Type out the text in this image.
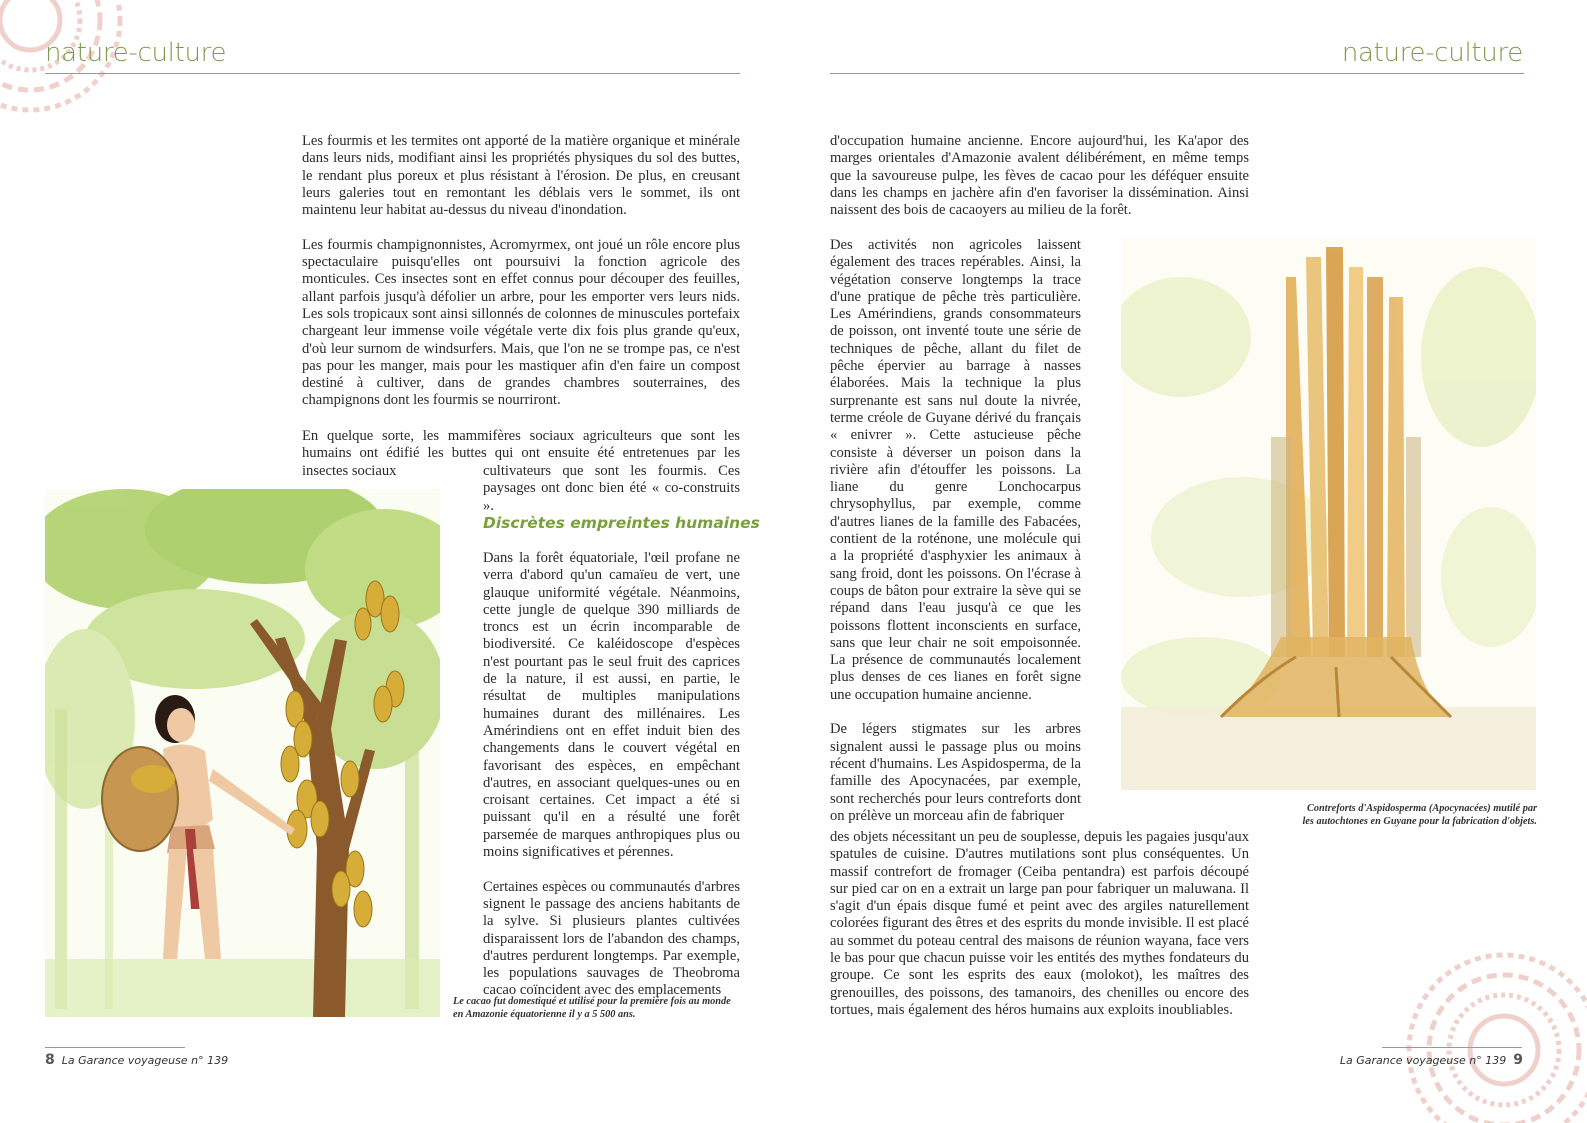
nature-culture

Les fourmis et les termites ont apporté de la matière organique et minérale dans leurs nids, modifiant ainsi les propriétés physiques du sol des buttes, le rendant plus poreux et plus résistant à l'érosion. De plus, en creusant leurs galeries tout en remontant les déblais vers le sommet, ils ont maintenu leur habitat au-dessus du niveau d'inondation.

Les fourmis champignonnistes, Acromyrmex, ont joué un rôle encore plus spectaculaire puisqu'elles ont poursuivi la fonction agricole des monticules. Ces insectes sont en effet connus pour découper des feuilles, allant parfois jusqu'à défolier un arbre, pour les emporter vers leurs nids. Les sols tropicaux sont ainsi sillonnés de colonnes de minuscules portefaix chargeant leur immense voile végétale verte dix fois plus grande qu'eux, d'où leur surnom de windsurfers. Mais, que l'on ne se trompe pas, ce n'est pas pour les manger, mais pour les mastiquer afin d'en faire un compost destiné à cultiver, dans de grandes chambres souterraines, des champignons dont les fourmis se nourriront.

En quelque sorte, les mammifères sociaux agriculteurs que sont les humains ont édifié les buttes qui ont ensuite été entretenues par les insectes sociaux	cultivateurs que sont les fourmis. Ces paysages ont donc bien été « co-construits ».
Discrètes empreintes humaines

Dans la forêt équatoriale, l'œil profane ne verra d'abord qu'un camaïeu de vert, une glauque uniformité végétale. Néanmoins, cette jungle de quelque 390 milliards de troncs est un écrin incomparable de biodiversité. Ce kaléidoscope d'espèces n'est pourtant pas le seul fruit des caprices de la nature, il est aussi, en partie, le résultat de multiples manipulations humaines durant des millénaires. Les Amérindiens ont en effet induit bien des changements dans le couvert végétal en favorisant des espèces, en empêchant d'autres, en associant quelques-unes ou en croisant certaines. Cet impact a été si puissant qu'il en a résulté une forêt parsemée de marques anthropiques plus ou moins significatives et pérennes.

Certaines espèces ou communautés d'arbres signent le passage des anciens habitants de la sylve. Si plusieurs plantes cultivées disparaissent lors de l'abandon des champs, d'autres perdurent longtemps. Par exemple, les populations sauvages de Theobroma cacao coïncident avec des emplacements

Le cacao fut domestiqué et utilisé pour la première fois au monde en Amazonie équatorienne il y a 5 500 ans.
8 La Garance voyageuse n° 139
nature-culture
d'occupation humaine ancienne. Encore aujourd'hui, les Ka'apor des marges orientales d'Amazonie avalent délibérément, en même temps que la savoureuse pulpe, les fèves de cacao pour les déféquer ensuite dans les champs en jachère afin d'en favoriser la dissémination. Ainsi naissent des bois de cacaoyers au milieu de la forêt.

Des activités non agricoles laissent également des traces repérables. Ainsi, la végétation conserve longtemps la trace d'une pratique de pêche très particulière. Les Amérindiens, grands consommateurs de poisson, ont inventé toute une série de techniques de pêche, allant du filet de pêche épervier au barrage à nasses élaborées. Mais la technique la plus surprenante est sans nul doute la nivrée, terme créole de Guyane dérivé du français « enivrer ». Cette astucieuse pêche consiste à déverser un poison dans la rivière afin d'étouffer les poissons. La liane du genre Lonchocarpus chrysophyllus, par exemple, comme d'autres lianes de la famille des Fabacées, contient de la roténone, une molécule qui a la propriété d'asphyxier les animaux à sang froid, dont les poissons. On l'écrase à coups de bâton pour extraire la sève qui se répand dans l'eau jusqu'à ce que les poissons flottent inconscients en surface, sans que leur chair ne soit empoisonnée. La présence de communautés localement plus denses de ces lianes en forêt signe une occupation humaine ancienne.

De légers stigmates sur les arbres signalent aussi le passage plus ou moins récent d'humains. Les Aspidosperma, de la famille des Apocynacées, par exemple, sont recherchés pour leurs contreforts dont on prélève un morceau afin de fabriquer

des objets nécessitant un peu de souplesse, depuis les pagaies jusqu'aux spatules de cuisine. D'autres mutilations sont plus conséquentes. Un massif contrefort de fromager (Ceiba pentandra) est parfois découpé sur pied car on en a extrait un large pan pour fabriquer un maluwana. Il s'agit d'un épais disque fumé et peint avec des argiles naturellement colorées figurant des êtres et des esprits du monde invisible. Il est placé au sommet du poteau central des maisons de réunion wayana, face vers le bas pour que chacun puisse voir les entités des mythes fondateurs du groupe. Ce sont les esprits des eaux (molokot), les maîtres des grenouilles, des poissons, des tamanoirs, des chenilles ou encore des tortues, mais également des héros humains aux exploits inoubliables.
Contreforts d'Aspidosperma (Apocynacées) mutilé par les autochtones en Guyane pour la fabrication d'objets.
La Garance voyageuse n° 139 9
